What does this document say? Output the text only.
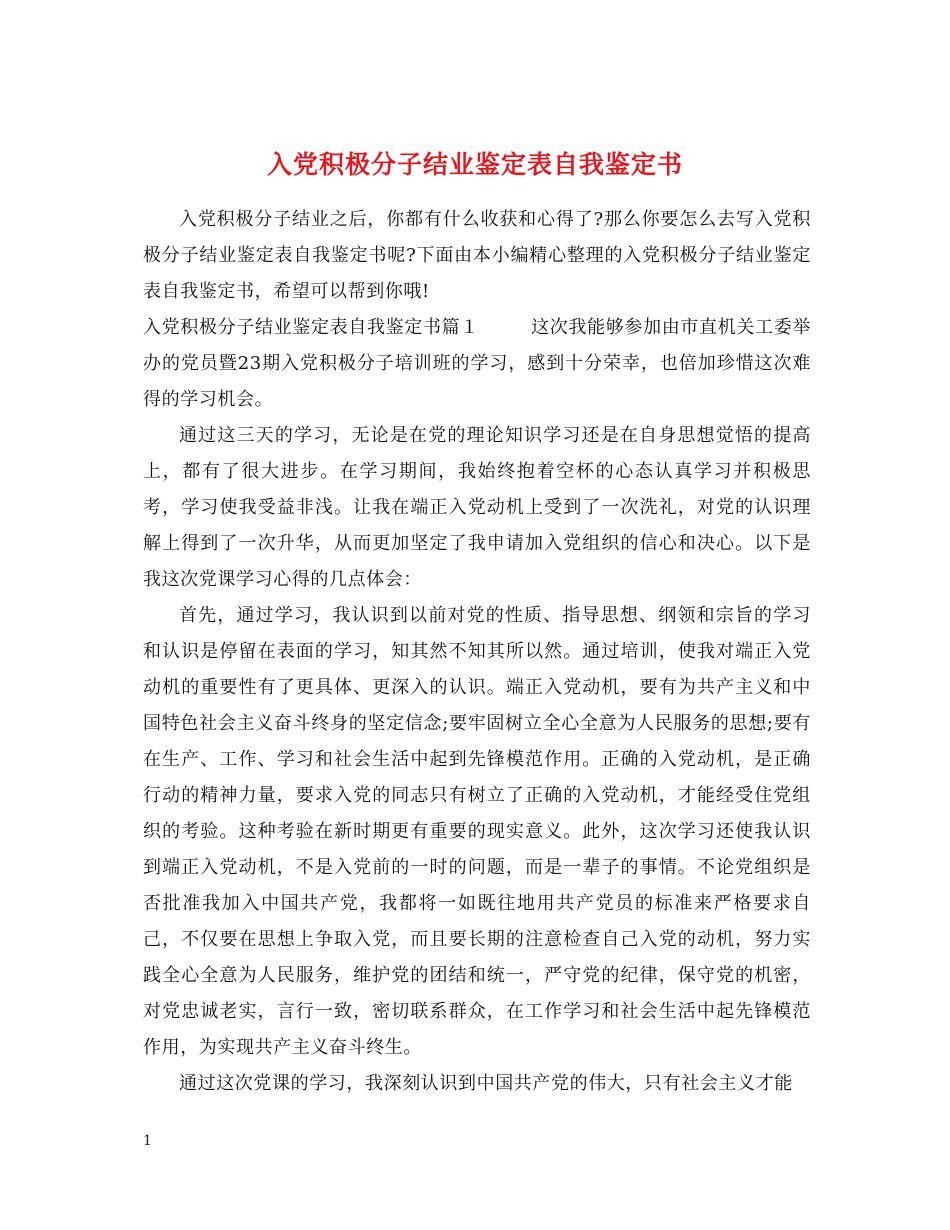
入党积极分子结业鉴定表自我鉴定书

入党积极分子结业之后，你都有什么收获和心得了?那么你要怎么去写入党积极分子结业鉴定表自我鉴定书呢?下面由本小编精心整理的入党积极分子结业鉴定表自我鉴定书，希望可以帮到你哦!

入党积极分子结业鉴定表自我鉴定书篇１	这次我能够参加由市直机关工委举办的党员暨23期入党积极分子培训班的学习，感到十分荣幸，也倍加珍惜这次难得的学习机会。

通过这三天的学习，无论是在党的理论知识学习还是在自身思想觉悟的提高上，都有了很大进步。在学习期间，我始终抱着空杯的心态认真学习并积极思考，学习使我受益非浅。让我在端正入党动机上受到了一次洗礼，对党的认识理解上得到了一次升华，从而更加坚定了我申请加入党组织的信心和决心。以下是我这次党课学习心得的几点体会：

首先，通过学习，我认识到以前对党的性质、指导思想、纲领和宗旨的学习和认识是停留在表面的学习，知其然不知其所以然。通过培训，使我对端正入党动机的重要性有了更具体、更深入的认识。端正入党动机，要有为共产主义和中国特色社会主义奋斗终身的坚定信念;要牢固树立全心全意为人民服务的思想;要有在生产、工作、学习和社会生活中起到先锋模范作用。正确的入党动机，是正确行动的精神力量，要求入党的同志只有树立了正确的入党动机，才能经受住党组织的考验。这种考验在新时期更有重要的现实意义。此外，这次学习还使我认识到端正入党动机，不是入党前的一时的问题，而是一辈子的事情。不论党组织是否批准我加入中国共产党，我都将一如既往地用共产党员的标准来严格要求自己，不仅要在思想上争取入党，而且要长期的注意检查自己入党的动机，努力实践全心全意为人民服务，维护党的团结和统一，严守党的纪律，保守党的机密，对党忠诚老实，言行一致，密切联系群众，在工作学习和社会生活中起先锋模范作用，为实现共产主义奋斗终生。

通过这次党课的学习，我深刻认识到中国共产党的伟大，只有社会主义才能

1
